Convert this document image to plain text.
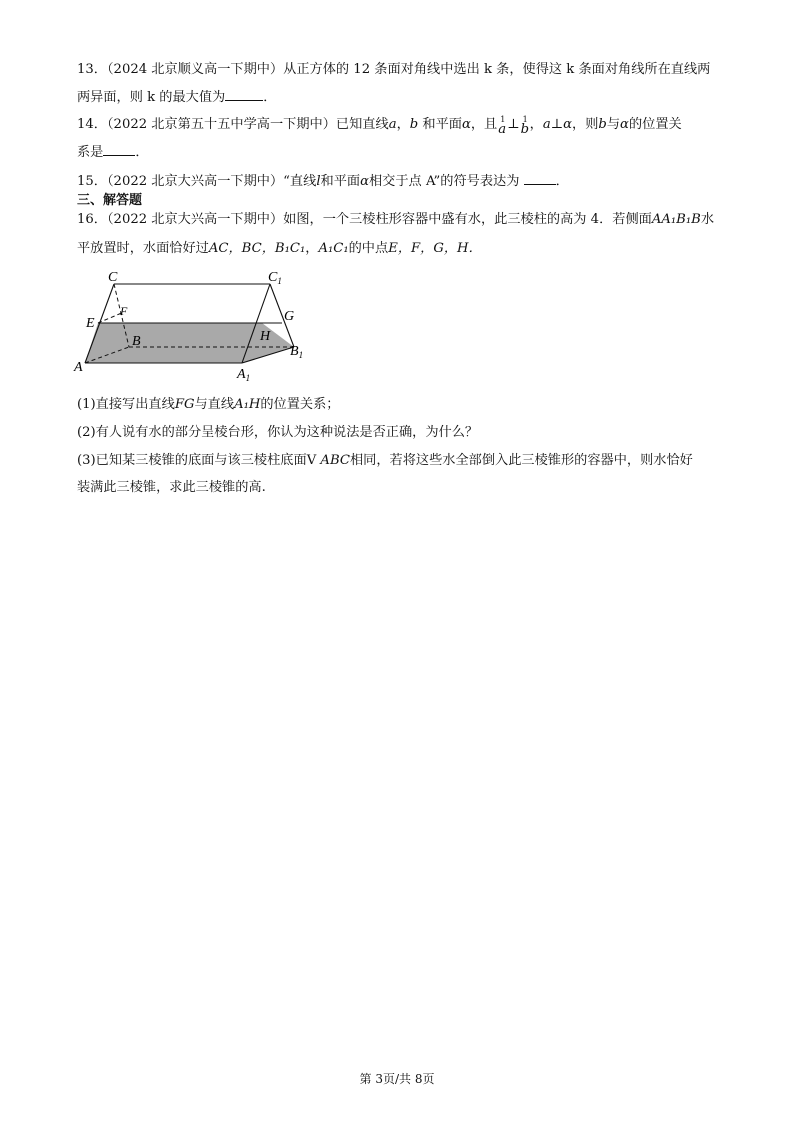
13．（2024 北京顺义高一下期中）从正方体的 12 条面对角线中选出 k 条，使得这 k 条面对角线所在直线两
两异面，则 k 的最大值为	．
14．（2022 北京第五十五中学高一下期中）已知直线a，b 和平面α，且 1
a ⊥ 1
b ，a⊥α，则b与α的位置关
系是 ．
15．（2022 北京大兴高一下期中）“直线l和平面α相交于点 A”的符号表达为	．
三、解答题
16．（2022 北京大兴高一下期中）如图，一个三棱柱形容器中盛有水，此三棱柱的高为 4．若侧面AA₁B₁B水
平放置时，水面恰好过AC，BC，B₁C₁，A₁C₁的中点E，F，G，H．
C	$C_1$
F
E	G
H
B
$B_1$
A	$A_1$
(1)直接写出直线FG与直线A₁H的位置关系；
(2)有人说有水的部分呈棱台形，你认为这种说法是否正确，为什么？
(3)已知某三棱锥的底面与该三棱柱底面V ABC相同，若将这些水全部倒入此三棱锥形的容器中，则水恰好
装满此三棱锥，求此三棱锥的高.
第 3页/共 8页
